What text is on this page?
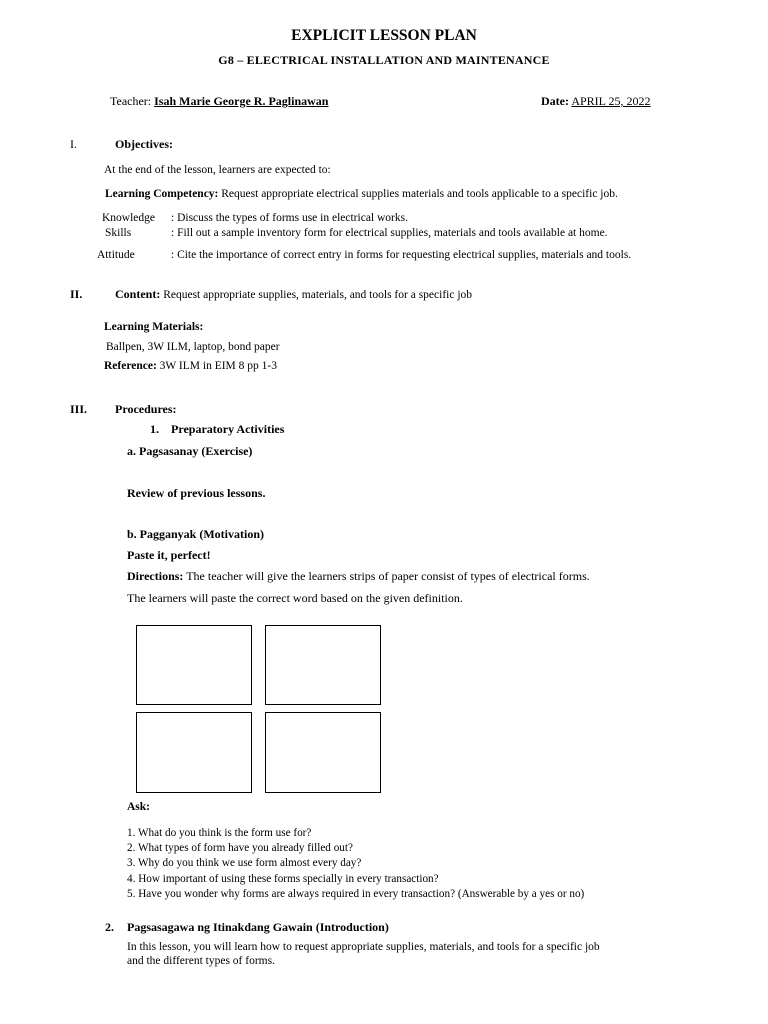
EXPLICIT LESSON PLAN
G8 – ELECTRICAL INSTALLATION AND MAINTENANCE
Teacher: Isah Marie George R. Paglinawan	Date: APRIL 25, 2022
I.	Objectives:
At the end of the lesson, learners are expected to:
Learning Competency: Request appropriate electrical supplies materials and tools applicable to a specific job.
Knowledge : Discuss the types of forms use in electrical works.
Skills	: Fill out a sample inventory form for electrical supplies, materials and tools available at home.
Attitude	: Cite the importance of correct entry in forms for requesting electrical supplies, materials and tools.
II.	Content: Request appropriate supplies, materials, and tools for a specific job
Learning Materials:
Ballpen, 3W ILM, laptop, bond paper
Reference: 3W ILM in EIM 8 pp 1-3
III. Procedures:
1. Preparatory Activities
a. Pagsasanay (Exercise)
Review of previous lessons.
b. Pagganyak (Motivation)
Paste it, perfect!
Directions: The teacher will give the learners strips of paper consist of types of electrical forms.
The learners will paste the correct word based on the given definition.
Ask:
1. What do you think is the form use for?
2. What types of form have you already filled out?
3. Why do you think we use form almost every day?
4. How important of using these forms specially in every transaction?
5. Have you wonder why forms are always required in every transaction? (Answerable by a yes or no)
2. Pagsasagawa ng Itinakdang Gawain (Introduction)
In this lesson, you will learn how to request appropriate supplies, materials, and tools for a specific job
and the different types of forms.
